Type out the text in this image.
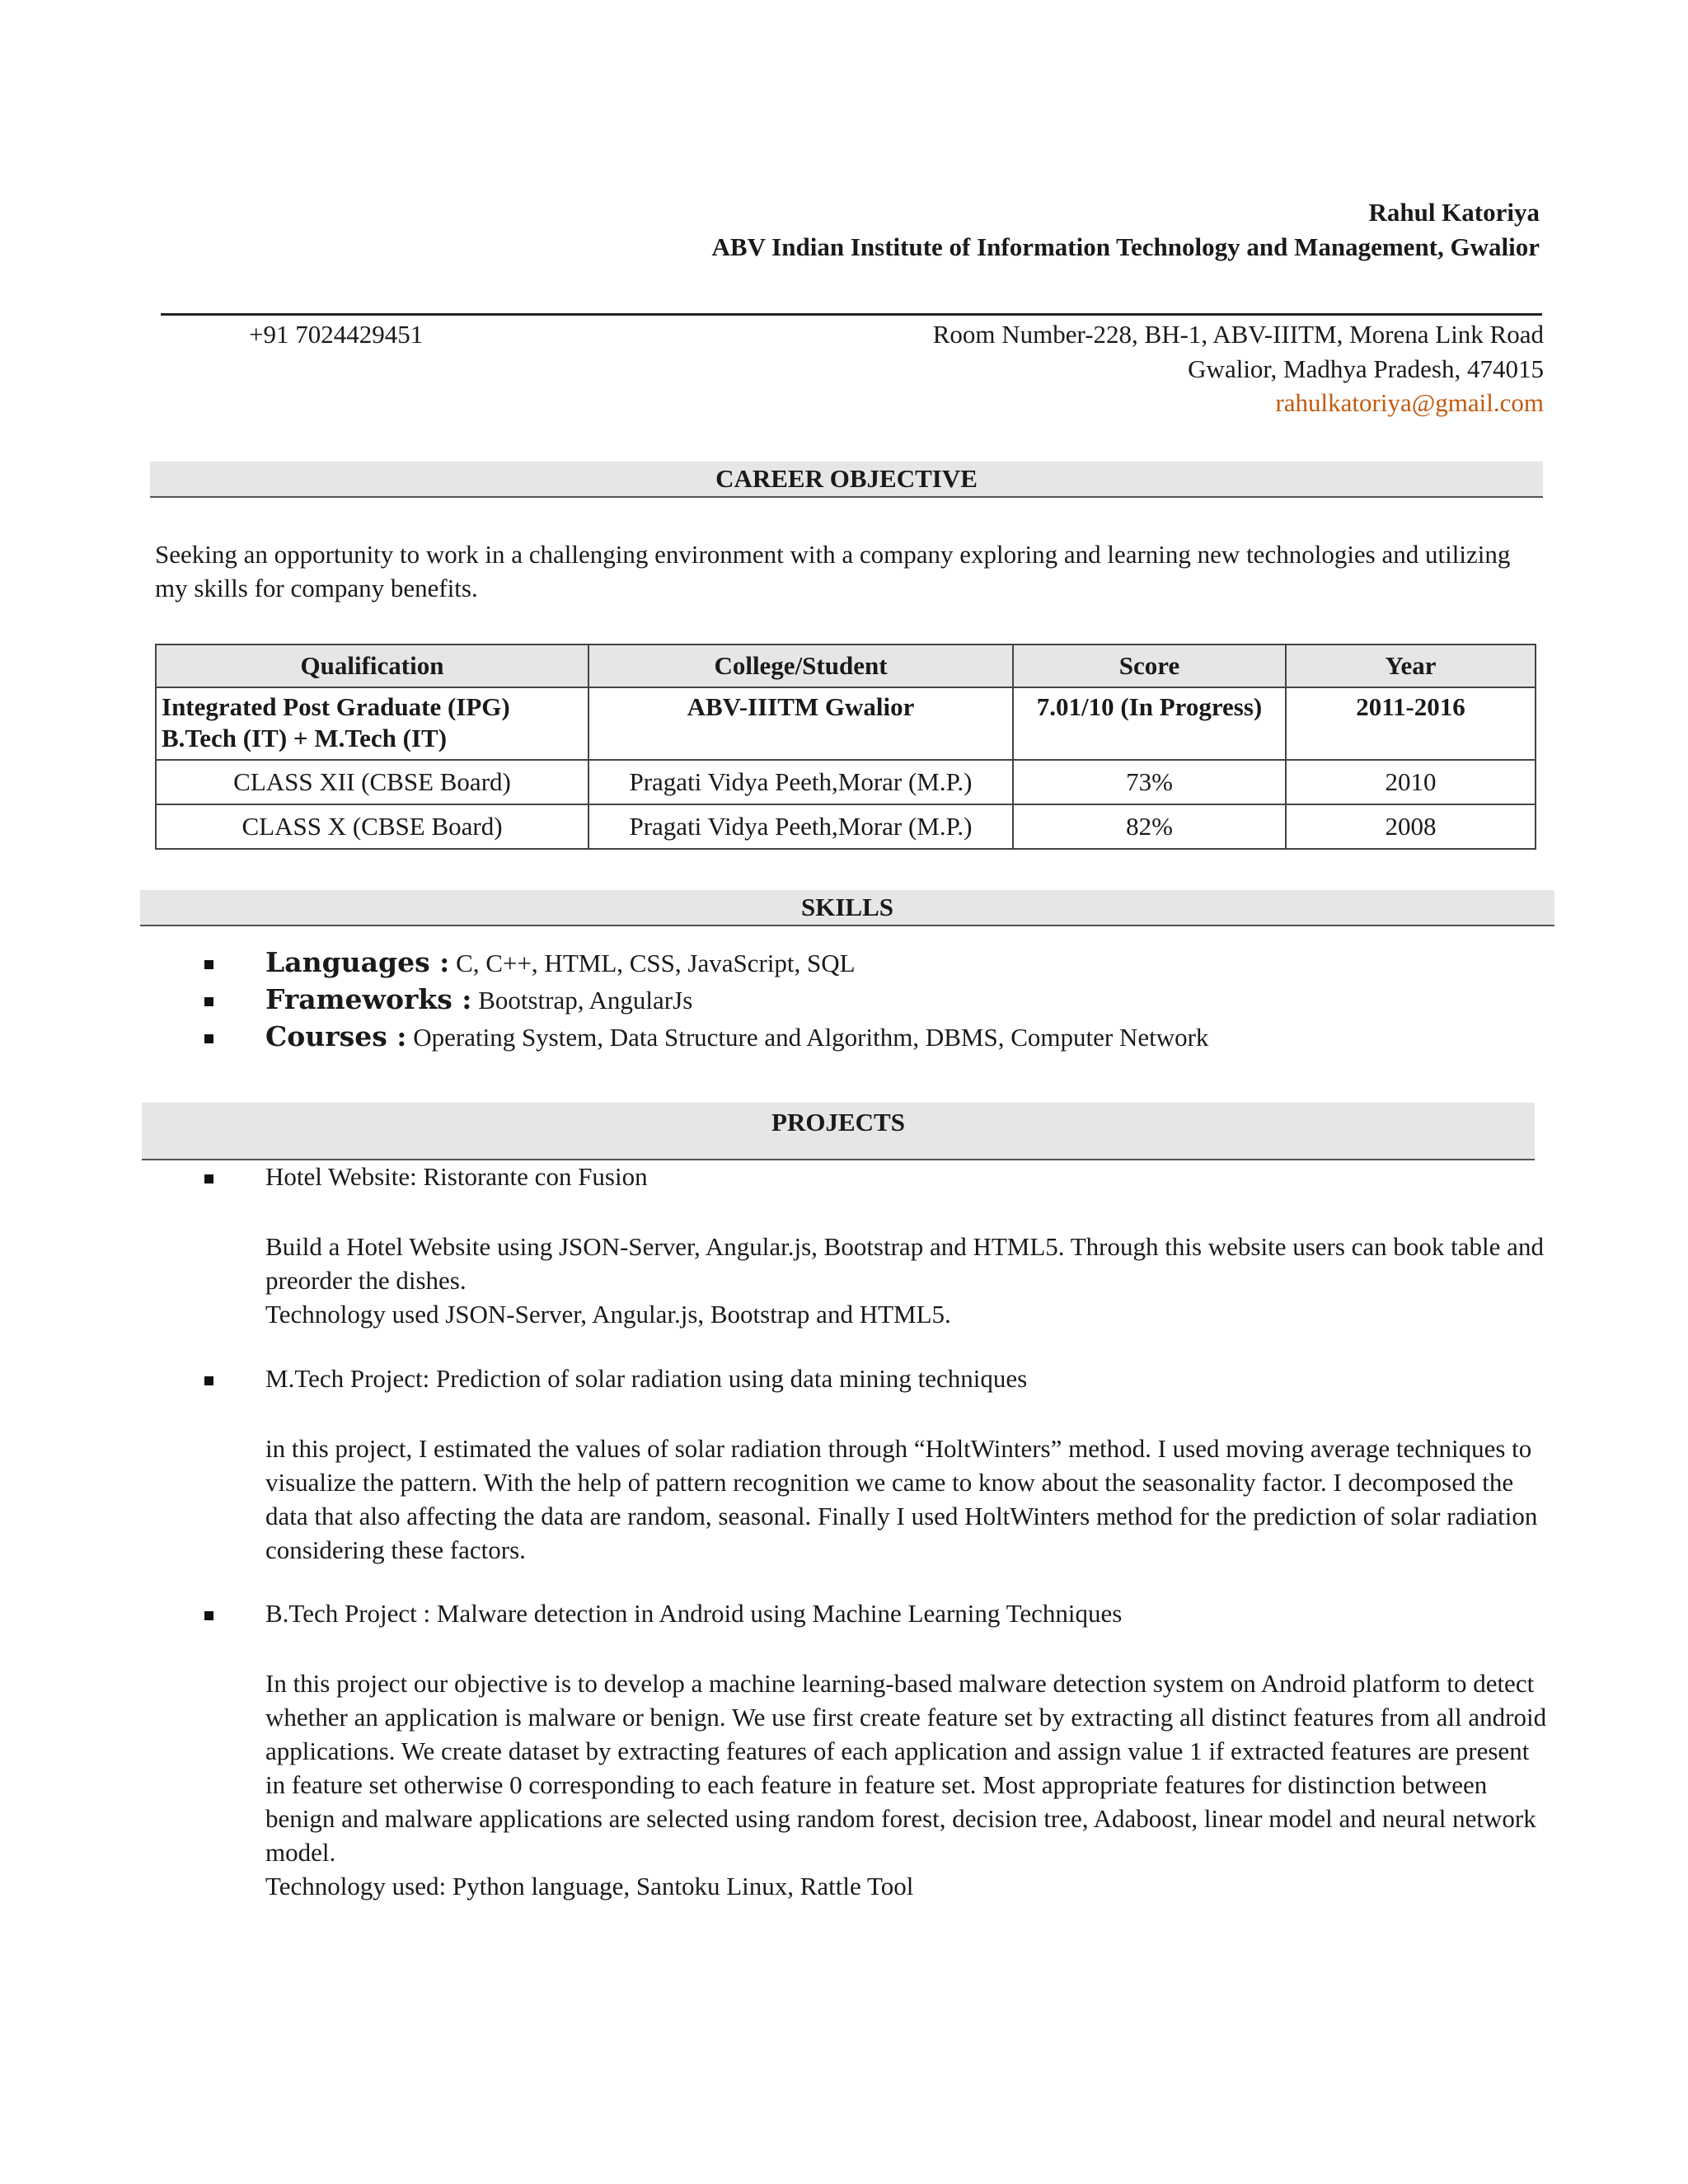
Rahul Katoriya
ABV Indian Institute of Information Technology and Management, Gwalior
+91 7024429451	Room Number-228, BH-1, ABV-IIITM, Morena Link Road
Gwalior, Madhya Pradesh, 474015
rahulkatoriya@gmail.com
CAREER OBJECTIVE

Seeking an opportunity to work in a challenging environment with a company exploring and learning new technologies and utilizing my skills for company benefits.

Qualification	College/Student	Score	Year

Integrated Post Graduate (IPG)
B.Tech (IT) + M.Tech (IT)	ABV-IIITM Gwalior	7.01/10 (In Progress)	2011-2016
CLASS XII (CBSE Board)	Pragati Vidya Peeth,Morar (M.P.)	73%	2010
CLASS X (CBSE Board)	Pragati Vidya Peeth,Morar (M.P.)	82%	2008
SKILLS
Languages : C, C++, HTML, CSS, JavaScript, SQL
Frameworks : Bootstrap, AngularJs
Courses : Operating System, Data Structure and Algorithm, DBMS, Computer Network
PROJECTS
Hotel Website: Ristorante con Fusion

Build a Hotel Website using JSON-Server, Angular.js, Bootstrap and HTML5. Through this website users can book table and preorder the dishes.

Technology used JSON-Server, Angular.js, Bootstrap and HTML5.

M.Tech Project: Prediction of solar radiation using data mining techniques

in this project, I estimated the values of solar radiation through “HoltWinters” method. I used moving average techniques to visualize the pattern. With the help of pattern recognition we came to know about the seasonality factor. I decomposed the data that also affecting the data are random, seasonal. Finally I used HoltWinters method for the prediction of solar radiation considering these factors.

B.Tech Project : Malware detection in Android using Machine Learning Techniques

In this project our objective is to develop a machine learning-based malware detection system on Android platform to detect whether an application is malware or benign. We use first create feature set by extracting all distinct features from all android applications. We create dataset by extracting features of each application and assign value 1 if extracted features are present in feature set otherwise 0 corresponding to each feature in feature set. Most appropriate features for distinction between benign and malware applications are selected using random forest, decision tree, Adaboost, linear model and neural network model.

Technology used: Python language, Santoku Linux, Rattle Tool
